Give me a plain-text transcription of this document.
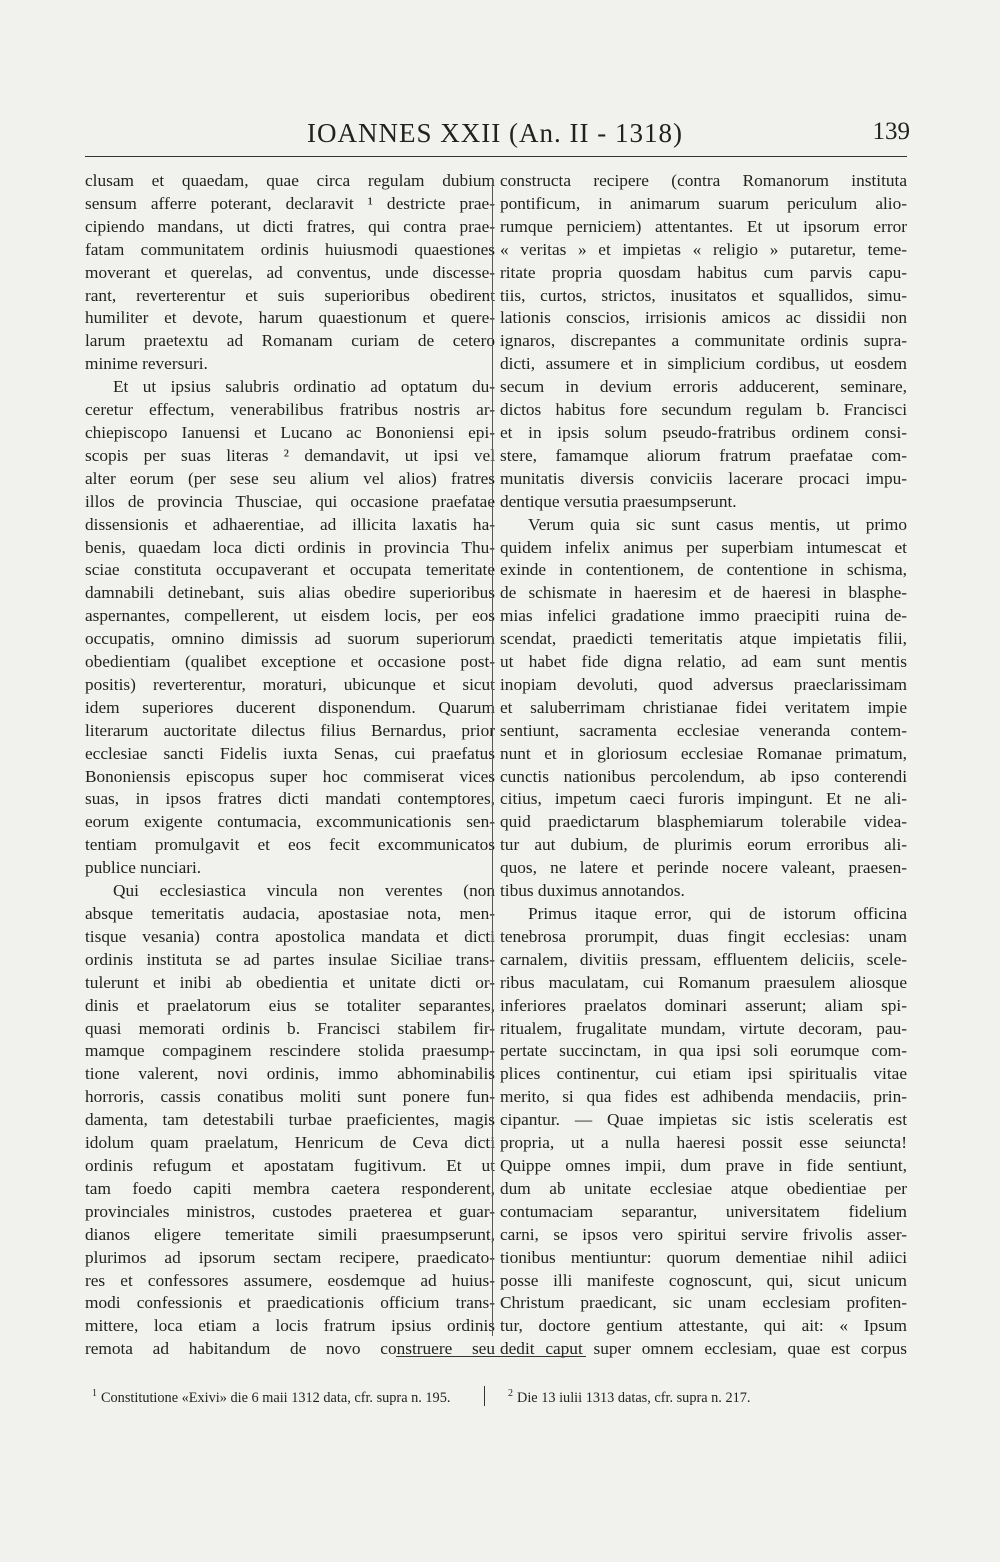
IOANNES XXII (An. II - 1318)	139
clusam et quaedam, quae circa regulam dubium
sensum afferre poterant, declaravit ¹ destricte prae-
cipiendo mandans, ut dicti fratres, qui contra prae-
fatam communitatem ordinis huiusmodi quaestiones
moverant et querelas, ad conventus, unde discesse-
rant, reverterentur et suis superioribus obedirent
humiliter et devote, harum quaestionum et quere-
larum praetextu ad Romanam curiam de cetero
minime reversuri.
Et ut ipsius salubris ordinatio ad optatum du-
ceretur effectum, venerabilibus fratribus nostris ar-
chiepiscopo Ianuensi et Lucano ac Bononiensi epi-
scopis per suas literas ² demandavit, ut ipsi vel
alter eorum (per sese seu alium vel alios) fratres
illos de provincia Thusciae, qui occasione praefatae
dissensionis et adhaerentiae, ad illicita laxatis ha-
benis, quaedam loca dicti ordinis in provincia Thu-
sciae constituta occupaverant et occupata temeritate
damnabili detinebant, suis alias obedire superioribus
aspernantes, compellerent, ut eisdem locis, per eos
occupatis, omnino dimissis ad suorum superiorum
obedientiam (qualibet exceptione et occasione post-
positis) reverterentur, moraturi, ubicunque et sicut
idem superiores ducerent disponendum. Quarum
literarum auctoritate dilectus filius Bernardus, prior
ecclesiae sancti Fidelis iuxta Senas, cui praefatus
Bononiensis episcopus super hoc commiserat vices
suas, in ipsos fratres dicti mandati contemptores,
eorum exigente contumacia, excommunicationis sen-
tentiam promulgavit et eos fecit excommunicatos
publice nunciari.
Qui ecclesiastica vincula non verentes (non
absque temeritatis audacia, apostasiae nota, men-
tisque vesania) contra apostolica mandata et dicti
ordinis instituta se ad partes insulae Siciliae trans-
tulerunt et inibi ab obedientia et unitate dicti or-
dinis et praelatorum eius se totaliter separantes,
quasi memorati ordinis b. Francisci stabilem fir-
mamque compaginem rescindere stolida praesump-
tione valerent, novi ordinis, immo abhominabilis
horroris, cassis conatibus moliti sunt ponere fun-
damenta, tam detestabili turbae praeficientes, magis
idolum quam praelatum, Henricum de Ceva dicti
ordinis refugum et apostatam fugitivum. Et ut
tam foedo capiti membra caetera responderent,
provinciales ministros, custodes praeterea et guar-
dianos eligere temeritate simili praesumpserunt,
plurimos ad ipsorum sectam recipere, praedicato-
res et confessores assumere, eosdemque ad huius-
modi confessionis et praedicationis officium trans-
mittere, loca etiam a locis fratrum ipsius ordinis
remota ad habitandum de novo construere seu
constructa recipere (contra Romanorum instituta
pontificum, in animarum suarum periculum alio-
rumque perniciem) attentantes. Et ut ipsorum error
« veritas » et impietas « religio » putaretur, teme-
ritate propria quosdam habitus cum parvis capu-
tiis, curtos, strictos, inusitatos et squallidos, simu-
lationis conscios, irrisionis amicos ac dissidii non
ignaros, discrepantes a communitate ordinis supra-
dicti, assumere et in simplicium cordibus, ut eosdem
secum in devium erroris adducerent, seminare,
dictos habitus fore secundum regulam b. Francisci
et in ipsis solum pseudo-fratribus ordinem consi-
stere, famamque aliorum fratrum praefatae com-
munitatis diversis conviciis lacerare procaci impu-
dentique versutia praesumpserunt.
Verum quia sic sunt casus mentis, ut primo
quidem infelix animus per superbiam intumescat et
exinde in contentionem, de contentione in schisma,
de schismate in haeresim et de haeresi in blasphe-
mias infelici gradatione immo praecipiti ruina de-
scendat, praedicti temeritatis atque impietatis filii,
ut habet fide digna relatio, ad eam sunt mentis
inopiam devoluti, quod adversus praeclarissimam
et saluberrimam christianae fidei veritatem impie
sentiunt, sacramenta ecclesiae veneranda contem-
nunt et in gloriosum ecclesiae Romanae primatum,
cunctis nationibus percolendum, ab ipso conterendi
citius, impetum caeci furoris impingunt. Et ne ali-
quid praedictarum blasphemiarum tolerabile videa-
tur aut dubium, de plurimis eorum erroribus ali-
quos, ne latere et perinde nocere valeant, praesen-
tibus duximus annotandos.
Primus itaque error, qui de istorum officina
tenebrosa prorumpit, duas fingit ecclesias: unam
carnalem, divitiis pressam, effluentem deliciis, scele-
ribus maculatam, cui Romanum praesulem aliosque
inferiores praelatos dominari asserunt; aliam spi-
ritualem, frugalitate mundam, virtute decoram, pau-
pertate succinctam, in qua ipsi soli eorumque com-
plices continentur, cui etiam ipsi spiritualis vitae
merito, si qua fides est adhibenda mendaciis, prin-
cipantur. — Quae impietas sic istis sceleratis est
propria, ut a nulla haeresi possit esse seiuncta!
Quippe omnes impii, dum prave in fide sentiunt,
dum ab unitate ecclesiae atque obedientiae per
contumaciam separantur, universitatem fidelium
carni, se ipsos vero spiritui servire frivolis asser-
tionibus mentiuntur: quorum dementiae nihil adiici
posse illi manifeste cognoscunt, qui, sicut unicum
Christum praedicant, sic unam ecclesiam profiten-
tur, doctore gentium attestante, qui ait: « Ipsum
dedit caput super omnem ecclesiam, quae est corpus
$^1$ Constitutione «Exivi» die 6 maii 1312 data, cfr. supra n. 195.	$^2$ Die 13 iulii 1313 datas, cfr. supra n. 217.
